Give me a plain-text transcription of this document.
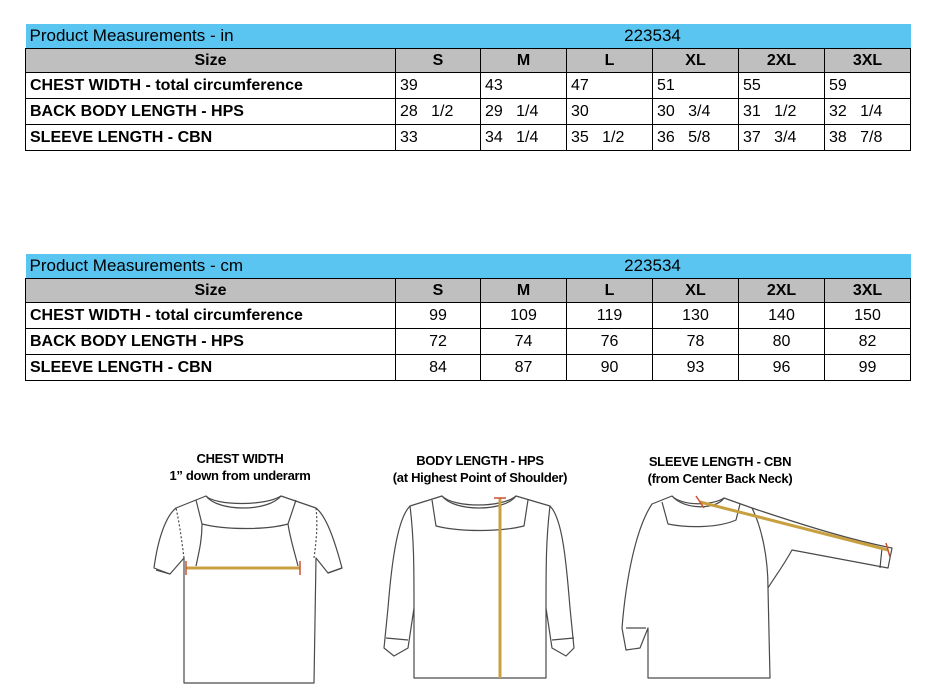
Product Measurements - in			223534			
Size	S	M	L	XL	2XL	3XL
CHEST WIDTH - total circumference	39	43	47	51	55	59
BACK BODY LENGTH - HPS	28   1/2	29   1/4	30	30   3/4	31   1/2	32   1/4
SLEEVE LENGTH - CBN	33	34   1/4	35   1/2	36   5/8	37   3/4	38   7/8
Product Measurements - cm			223534			
Size	S	M	L	XL	2XL	3XL
CHEST WIDTH - total circumference	99	109	119	130	140	150
BACK BODY LENGTH - HPS	72	74	76	78	80	82
SLEEVE LENGTH - CBN	84	87	90	93	96	99
CHEST WIDTH
1” down from underarm
BODY LENGTH - HPS
(at Highest Point of Shoulder)
SLEEVE LENGTH - CBN
(from Center Back Neck)
